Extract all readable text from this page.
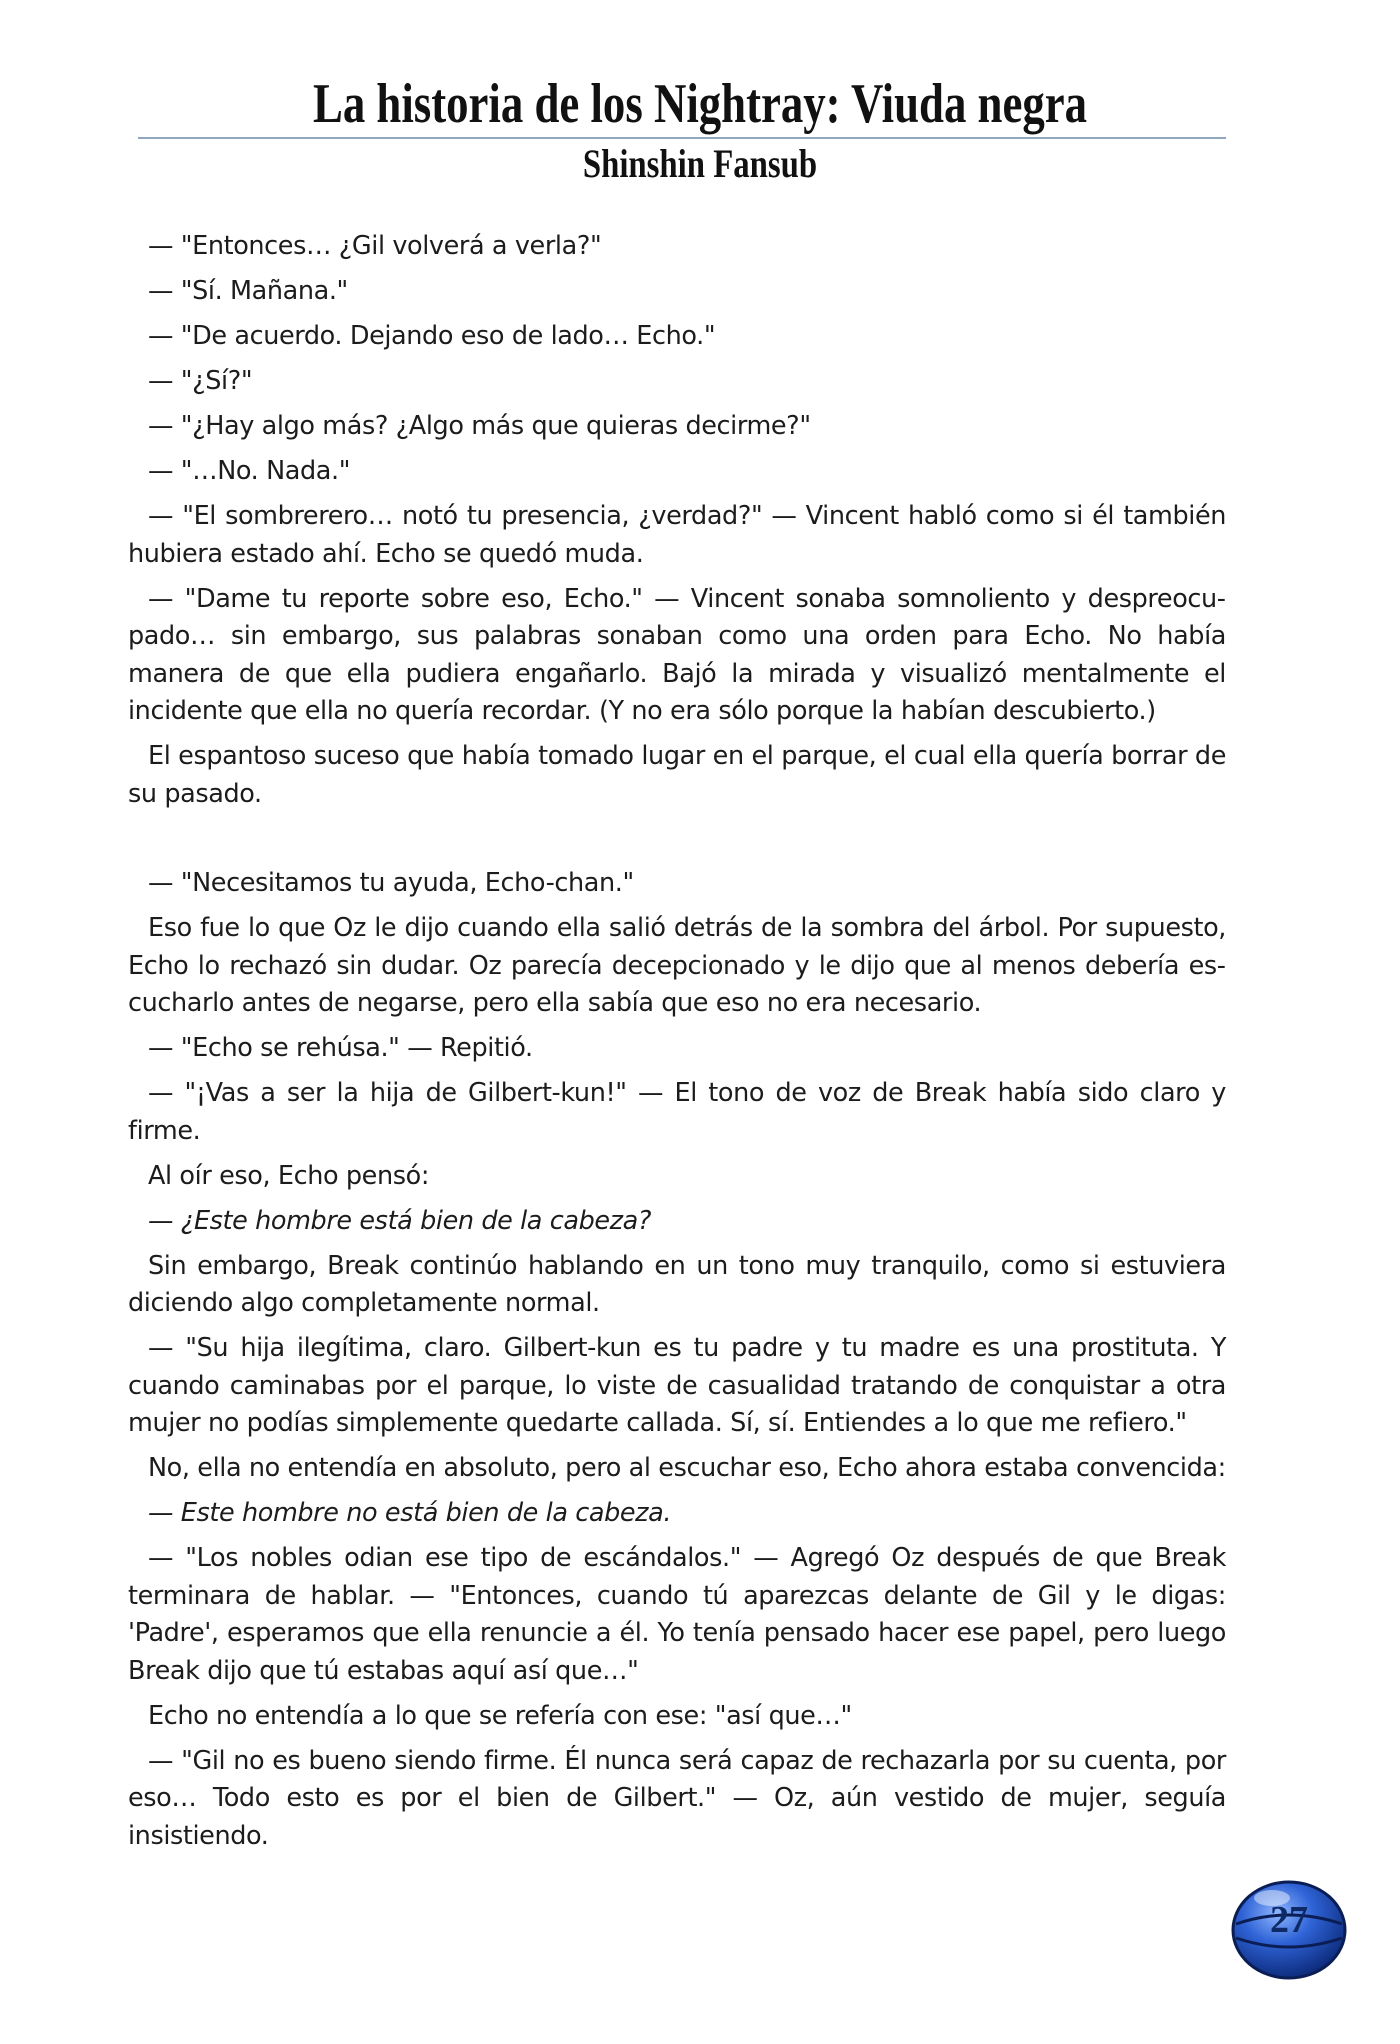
La historia de los Nightray: Viuda negra
Shinshin Fansub

— "Entonces… ¿Gil volverá a verla?"

— "Sí. Mañana."

— "De acuerdo. Dejando eso de lado… Echo."

— "¿Sí?"

— "¿Hay algo más? ¿Algo más que quieras decirme?"

— "…No. Nada."

— "El sombrerero… notó tu presencia, ¿verdad?" — Vincent habló como si él también hubiera estado ahí. Echo se quedó muda.

— "Dame tu reporte sobre eso, Echo." — Vincent sonaba somnoliento y despreocupado… sin embargo, sus palabras sonaban como una orden para Echo. No había manera de que ella pudiera engañarlo. Bajó la mirada y visualizó mentalmente el incidente que ella no quería recordar. (Y no era sólo porque la habían descubierto.)

El espantoso suceso que había tomado lugar en el parque, el cual ella quería borrar de su pasado.

— "Necesitamos tu ayuda, Echo-chan."

Eso fue lo que Oz le dijo cuando ella salió detrás de la sombra del árbol. Por supuesto, Echo lo rechazó sin dudar. Oz parecía decepcionado y le dijo que al menos debería escucharlo antes de negarse, pero ella sabía que eso no era necesario.

— "Echo se rehúsa." — Repitió.

— "¡Vas a ser la hija de Gilbert-kun!" — El tono de voz de Break había sido claro y firme.

Al oír eso, Echo pensó:

— ¿Este hombre está bien de la cabeza?

Sin embargo, Break continúo hablando en un tono muy tranquilo, como si estuviera diciendo algo completamente normal.

— "Su hija ilegítima, claro. Gilbert-kun es tu padre y tu madre es una prostituta. Y cuando caminabas por el parque, lo viste de casualidad tratando de conquistar a otra mujer no podías simplemente quedarte callada. Sí, sí. Entiendes a lo que me refiero."

No, ella no entendía en absoluto, pero al escuchar eso, Echo ahora estaba convencida:

— Este hombre no está bien de la cabeza.

— "Los nobles odian ese tipo de escándalos." — Agregó Oz después de que Break terminara de hablar. — "Entonces, cuando tú aparezcas delante de Gil y le digas: 'Padre', esperamos que ella renuncie a él. Yo tenía pensado hacer ese papel, pero luego Break dijo que tú estabas aquí así que…"

Echo no entendía a lo que se refería con ese: "así que…"

— "Gil no es bueno siendo firme. Él nunca será capaz de rechazarla por su cuenta, por eso… Todo esto es por el bien de Gilbert." — Oz, aún vestido de mujer, seguía insistiendo.

27
